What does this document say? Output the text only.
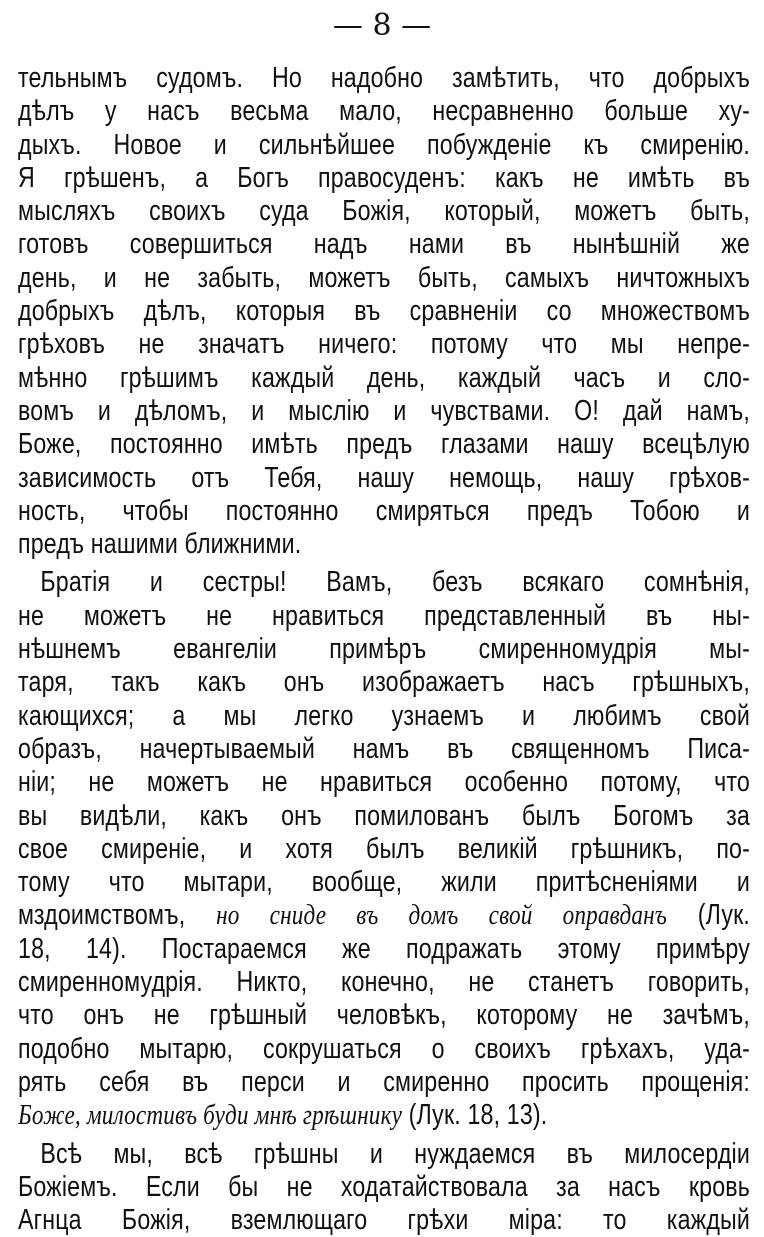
— 8 —
тельнымъ судомъ. Но надобно замѣтить, что добрыхъ
дѣлъ у насъ весьма мало, несравненно больше ху-
дыхъ. Новое и сильнѣйшее побужденіе къ смиренію.
Я грѣшенъ, а Богъ правосуденъ: какъ не имѣть въ
мысляхъ своихъ суда Божія, который, можетъ быть,
готовъ совершиться надъ нами въ нынѣшній же
день, и не забыть, можетъ быть, самыхъ ничтожныхъ
добрыхъ дѣлъ, которыя въ сравненіи со множествомъ
грѣховъ не значатъ ничего: потому что мы непре-
мѣнно грѣшимъ каждый день, каждый часъ и сло-
вомъ и дѣломъ, и мыслію и чувствами. О! дай намъ,
Боже, постоянно имѣть предъ глазами нашу всецѣлую
зависимость отъ Тебя, нашу немощь, нашу грѣхов-
ность, чтобы постоянно смиряться предъ Тобою и
предъ нашими ближними.
Братія и сестры! Вамъ, безъ всякаго сомнѣнія,
не можетъ не нравиться представленный въ ны-
нѣшнемъ евангеліи примѣръ смиренномудрія мы-
таря, такъ какъ онъ изображаетъ насъ грѣшныхъ,
кающихся; а мы легко узнаемъ и любимъ свой
образъ, начертываемый намъ въ священномъ Писа-
ніи; не можетъ не нравиться особенно потому, что
вы видѣли, какъ онъ помилованъ былъ Богомъ за
свое смиреніе, и хотя былъ великій грѣшникъ, по-
тому что мытари, вообще, жили притѣсненіями и
мздоимствомъ, но сниде въ домъ свой оправданъ (Лук.
18, 14). Постараемся же подражать этому примѣру
смиренномудрія. Никто, конечно, не станетъ говорить,
что онъ не грѣшный человѣкъ, которому не зачѣмъ,
подобно мытарю, сокрушаться о своихъ грѣхахъ, уда-
рять себя въ перси и смиренно просить прощенія:
Боже, милостивъ буди мнѣ грѣшнику (Лук. 18, 13).
Всѣ мы, всѣ грѣшны и нуждаемся въ милосердіи
Божіемъ. Если бы не ходатайствовала за насъ кровь
Агнца Божія, вземлющаго грѣхи міра: то каждый
